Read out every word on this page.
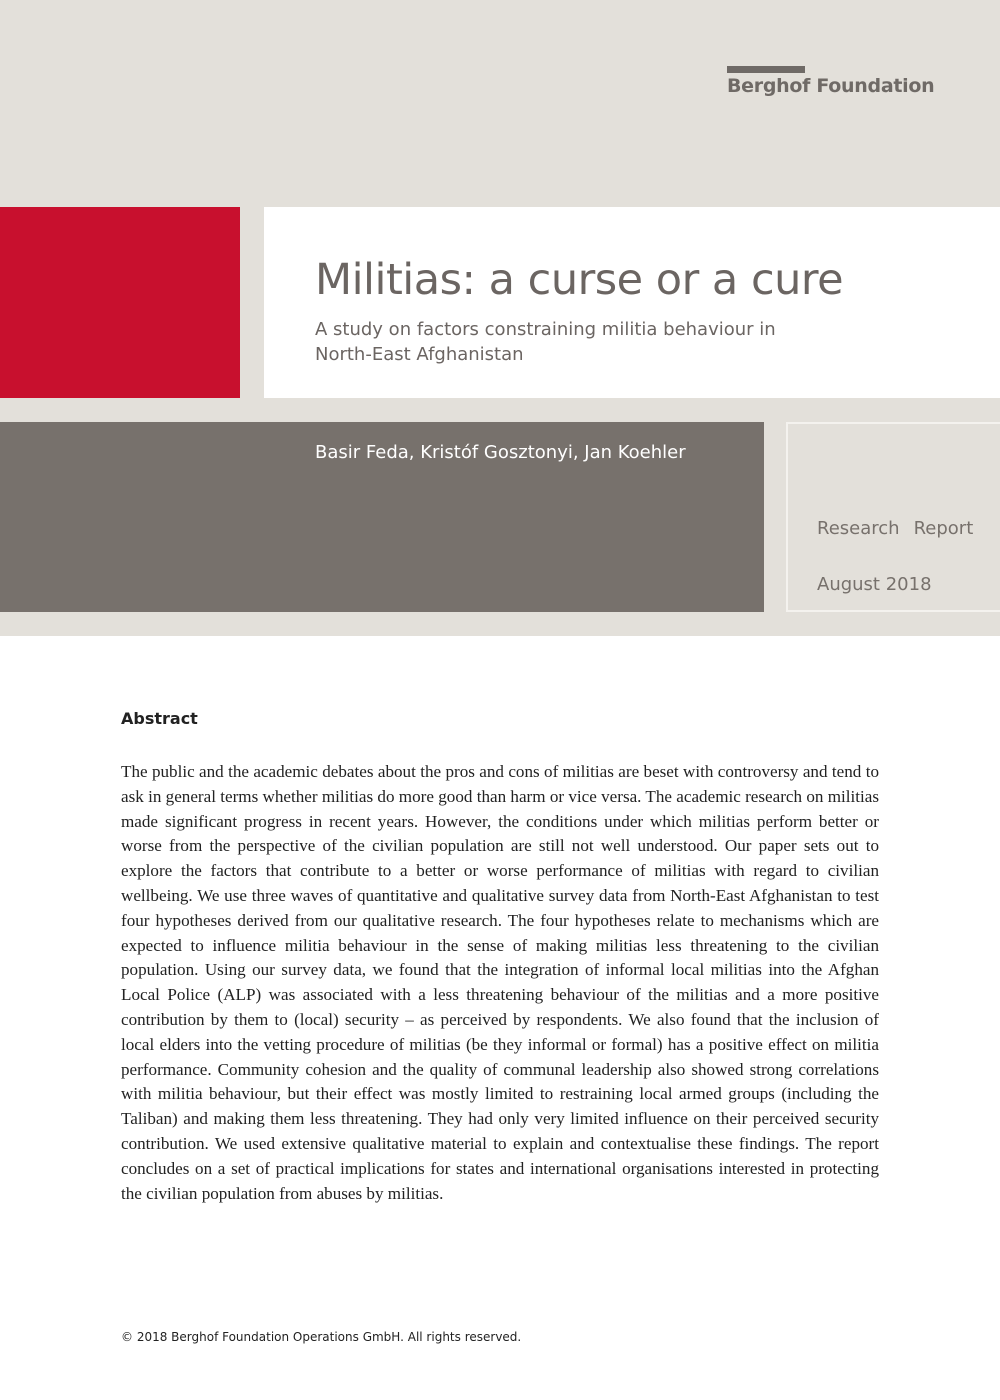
Berghof Foundation
Militias: a curse or a cure

A study on factors constraining militia behaviour in North-East Afghanistan

Basir Feda, Kristóf Gosztonyi, Jan Koehler
Research Report
August 2018
Abstract

The public and the academic debates about the pros and cons of militias are beset with controversy and tend to ask in general terms whether militias do more good than harm or vice versa. The academic research on militias made significant progress in recent years. However, the conditions under which militias perform better or worse from the perspective of the civilian population are still not well understood. Our paper sets out to explore the factors that contribute to a better or worse performance of militias with regard to civilian wellbeing. We use three waves of quantitative and qualitative survey data from North-East Afghanistan to test four hypotheses derived from our qualitative research. The four hypotheses relate to mechanisms which are expected to influence militia behaviour in the sense of making militias less threatening to the civilian population. Using our survey data, we found that the integration of informal local militias into the Afghan Local Police (ALP) was associated with a less threatening behaviour of the militias and a more positive contribution by them to (local) security – as perceived by respondents. We also found that the inclusion of local elders into the vetting procedure of militias (be they informal or formal) has a positive effect on militia performance. Community cohesion and the quality of communal leadership also showed strong correlations with militia behaviour, but their effect was mostly limited to restraining local armed groups (including the Taliban) and making them less threatening. They had only very limited influence on their perceived security contribution. We used extensive qualitative material to explain and contextualise these findings. The report concludes on a set of practical implications for states and international organisations interested in protecting the civilian population from abuses by militias.

© 2018 Berghof Foundation Operations GmbH. All rights reserved.
